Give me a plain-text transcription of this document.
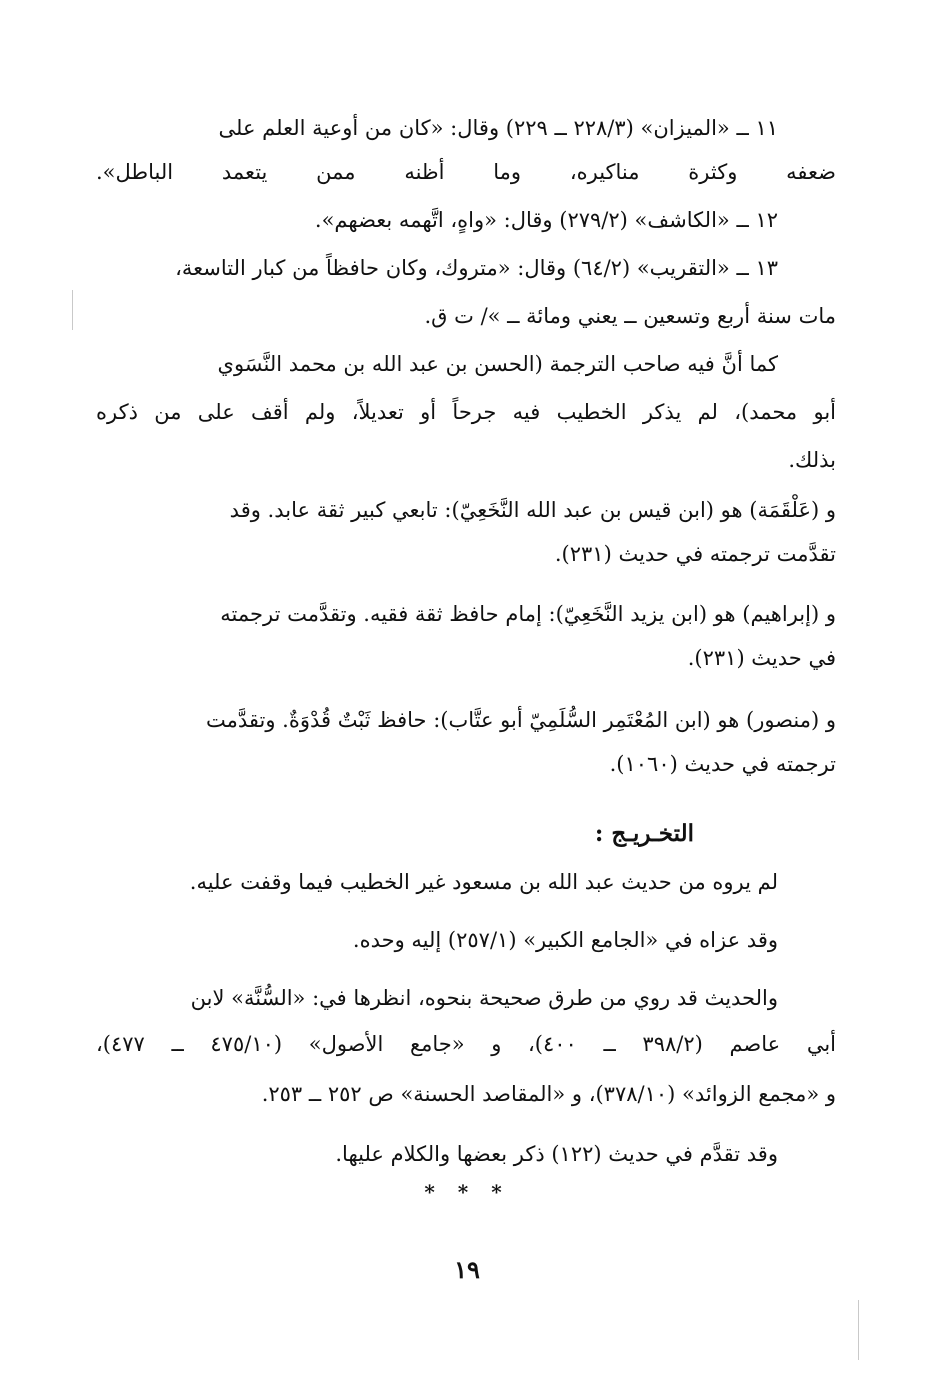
١١ ــ «الميزان» (٢٢٨/٣ ــ ٢٢٩) وقال: «كان من أوعية العلم على
ضعفه وكثرة مناكيره، وما أظنه ممن يتعمد الباطل».
١٢ ــ «الكاشف» (٢٧٩/٢) وقال: «واهٍ، اتَّهمه بعضهم».
١٣ ــ «التقريب» (٦٤/٢) وقال: «متروك، وكان حافظاً من كبار التاسعة،
مات سنة أربع وتسعين ــ يعني ومائة ــ »/ ت ق.
كما أنَّ فيه صاحب الترجمة (الحسن بن عبد الله بن محمد النَّسَوي
أبو محمد)، لم يذكر الخطيب فيه جرحاً أو تعديلاً، ولم أقف على من ذكره
بذلك.
و (عَلْقَمَة) هو (ابن قيس بن عبد الله النَّخَعِيّ): تابعي كبير ثقة عابد. وقد
تقدَّمت ترجمته في حديث (٢٣١).
و (إبراهيم) هو (ابن يزيد النَّخَعِيّ): إمام حافظ ثقة فقيه. وتقدَّمت ترجمته
في حديث (٢٣١).
و (منصور) هو (ابن المُعْتَمِر السُّلَمِيّ أبو عتَّاب): حافظ ثَبْتٌ قُدْوَةٌ. وتقدَّمت
ترجمته في حديث (١٠٦٠).
التخـريـج :
لم يروه من حديث عبد الله بن مسعود غير الخطيب فيما وقفت عليه.
وقد عزاه في «الجامع الكبير» (٢٥٧/١) إليه وحده.
والحديث قد روي من طرق صحيحة بنحوه، انظرها في: «السُّنَّة» لابن
أبي عاصم (٣٩٨/٢ ــ ٤٠٠)، و «جامع الأصول» (٤٧٥/١٠ ــ ٤٧٧)،
و «مجمع الزوائد» (٣٧٨/١٠)، و «المقاصد الحسنة» ص ٢٥٢ ــ ٢٥٣.
وقد تقدَّم في حديث (١٢٢) ذكر بعضها والكلام عليها.
* * *
١٩
